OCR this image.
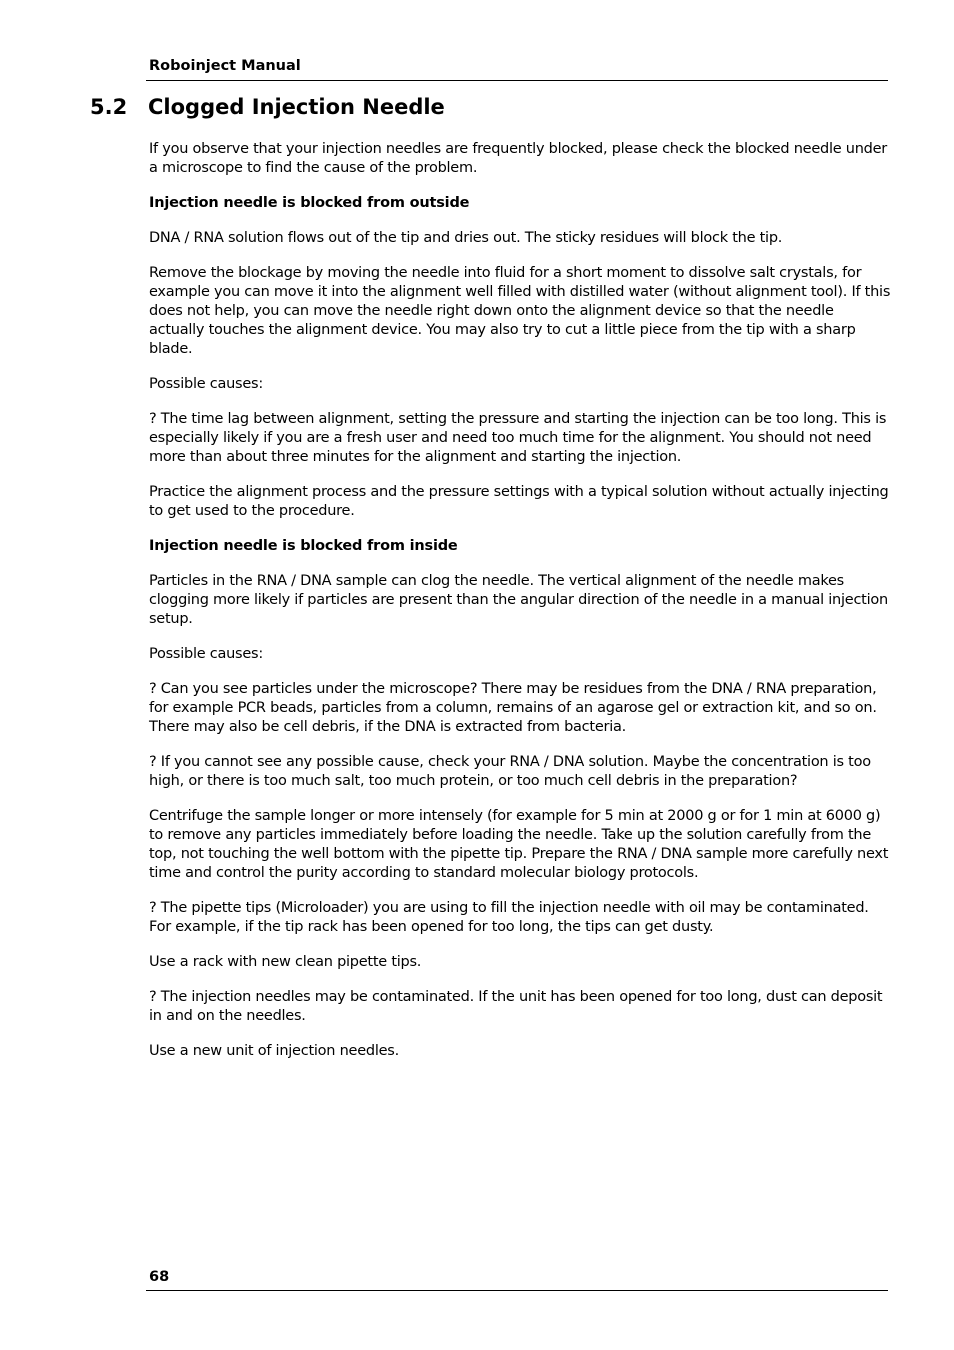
Roboinject Manual
5.2 Clogged Injection Needle

If you observe that your injection needles are frequently blocked, please check the blocked needle under a microscope to find the cause of the problem.

Injection needle is blocked from outside

DNA / RNA solution flows out of the tip and dries out. The sticky residues will block the tip.

Remove the blockage by moving the needle into fluid for a short moment to dissolve salt crystals, for example you can move it into the alignment well filled with distilled water (without alignment tool). If this does not help, you can move the needle right down onto the alignment device so that the needle actually touches the alignment device. You may also try to cut a little piece from the tip with a sharp blade.

Possible causes:

? The time lag between alignment, setting the pressure and starting the injection can be too long. This is especially likely if you are a fresh user and need too much time for the alignment. You should not need more than about three minutes for the alignment and starting the injection.

Practice the alignment process and the pressure settings with a typical solution without actually injecting to get used to the procedure.

Injection needle is blocked from inside

Particles in the RNA / DNA sample can clog the needle. The vertical alignment of the needle makes clogging more likely if particles are present than the angular direction of the needle in a manual injection setup.

Possible causes:

? Can you see particles under the microscope? There may be residues from the DNA / RNA preparation, for example PCR beads, particles from a column, remains of an agarose gel or extraction kit, and so on. There may also be cell debris, if the DNA is extracted from bacteria.

? If you cannot see any possible cause, check your RNA / DNA solution. Maybe the concentration is too high, or there is too much salt, too much protein, or too much cell debris in the preparation?

Centrifuge the sample longer or more intensely (for example for 5 min at 2000 g or for 1 min at 6000 g) to remove any particles immediately before loading the needle. Take up the solution carefully from the top, not touching the well bottom with the pipette tip. Prepare the RNA / DNA sample more carefully next time and control the purity according to standard molecular biology protocols.

? The pipette tips (Microloader) you are using to fill the injection needle with oil may be contaminated. For example, if the tip rack has been opened for too long, the tips can get dusty.

Use a rack with new clean pipette tips.

? The injection needles may be contaminated. If the unit has been opened for too long, dust can deposit in and on the needles.

Use a new unit of injection needles.

68
